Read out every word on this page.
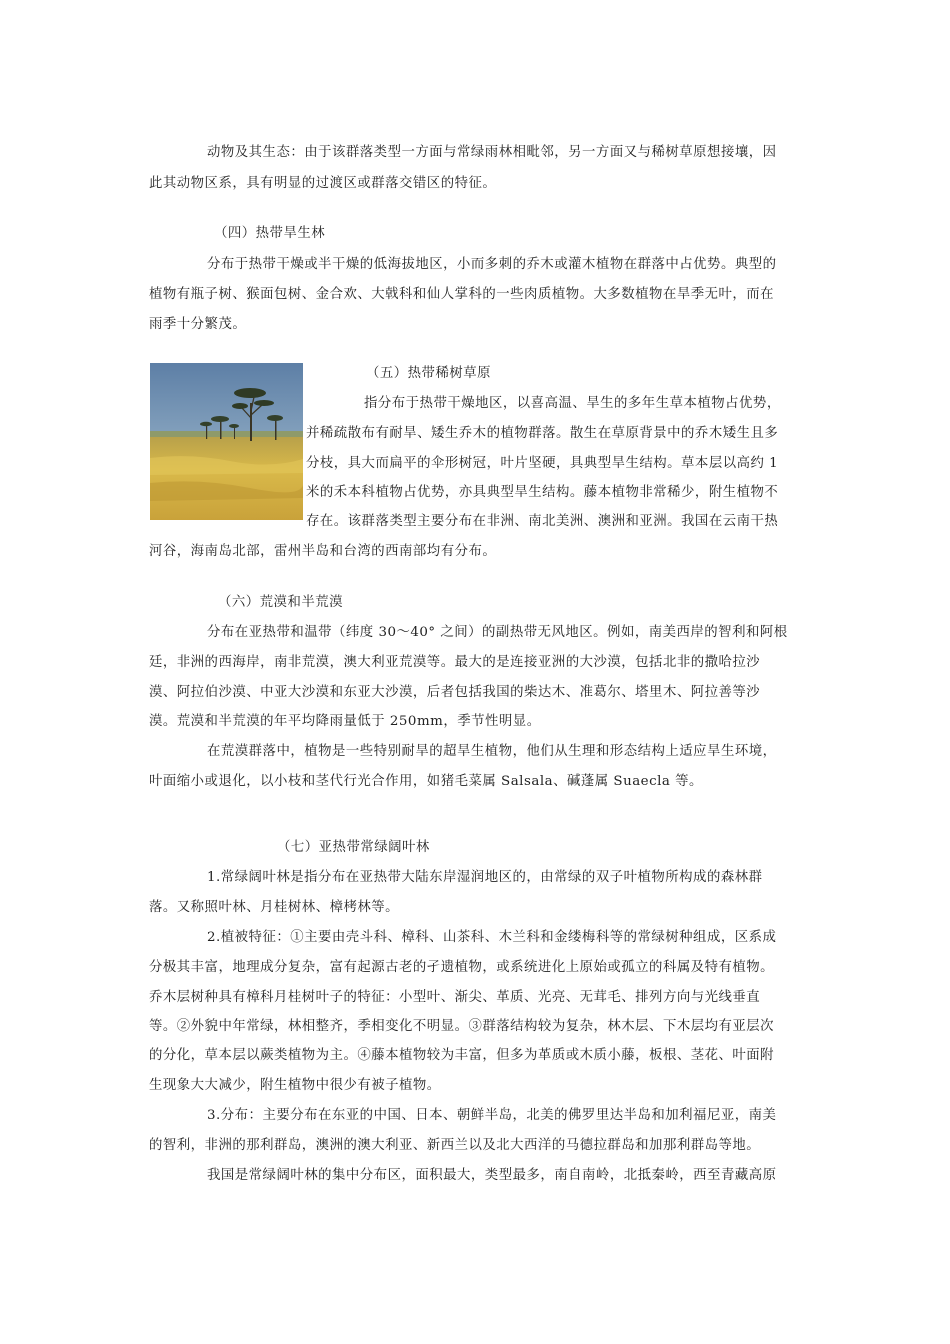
动物及其生态：由于该群落类型一方面与常绿雨林相毗邻，另一方面又与稀树草原想接壤，因
此其动物区系，具有明显的过渡区或群落交错区的特征。
（四）热带旱生林
分布于热带干燥或半干燥的低海拔地区，小而多刺的乔木或灌木植物在群落中占优势。典型的
植物有瓶子树、猴面包树、金合欢、大戟科和仙人掌科的一些肉质植物。大多数植物在旱季无叶，而在
雨季十分繁茂。
（五）热带稀树草原
指分布于热带干燥地区，以喜高温、旱生的多年生草本植物占优势，
并稀疏散布有耐旱、矮生乔木的植物群落。散生在草原背景中的乔木矮生且多
分枝，具大而扁平的伞形树冠，叶片坚硬，具典型旱生结构。草本层以高约 1
米的禾本科植物占优势，亦具典型旱生结构。藤本植物非常稀少，附生植物不
存在。该群落类型主要分布在非洲、南北美洲、澳洲和亚洲。我国在云南干热
河谷，海南岛北部，雷州半岛和台湾的西南部均有分布。
（六）荒漠和半荒漠
分布在亚热带和温带（纬度 30～40° 之间）的副热带无风地区。例如，南美西岸的智利和阿根
廷，非洲的西海岸，南非荒漠，澳大利亚荒漠等。最大的是连接亚洲的大沙漠，包括北非的撒哈拉沙
漠、阿拉伯沙漠、中亚大沙漠和东亚大沙漠，后者包括我国的柴达木、准葛尔、塔里木、阿拉善等沙
漠。荒漠和半荒漠的年平均降雨量低于 250mm，季节性明显。
在荒漠群落中，植物是一些特别耐旱的超旱生植物，他们从生理和形态结构上适应旱生环境，
叶面缩小或退化，以小枝和茎代行光合作用，如猪毛菜属 Salsala、碱蓬属 Suaecla 等。
（七）亚热带常绿阔叶林
1.常绿阔叶林是指分布在亚热带大陆东岸湿润地区的，由常绿的双子叶植物所构成的森林群
落。又称照叶林、月桂树林、樟栲林等。
2.植被特征：①主要由壳斗科、樟科、山茶科、木兰科和金缕梅科等的常绿树种组成，区系成
分极其丰富，地理成分复杂，富有起源古老的孑遗植物，或系统进化上原始或孤立的科属及特有植物。
乔木层树种具有樟科月桂树叶子的特征：小型叶、渐尖、革质、光亮、无茸毛、排列方向与光线垂直
等。②外貌中年常绿，林相整齐，季相变化不明显。③群落结构较为复杂，林木层、下木层均有亚层次
的分化，草本层以蕨类植物为主。④藤本植物较为丰富，但多为革质或木质小藤，板根、茎花、叶面附
生现象大大减少，附生植物中很少有被子植物。
3.分布：主要分布在东亚的中国、日本、朝鲜半岛，北美的佛罗里达半岛和加利福尼亚，南美
的智利，非洲的那利群岛，澳洲的澳大利亚、新西兰以及北大西洋的马德拉群岛和加那利群岛等地。
我国是常绿阔叶林的集中分布区，面积最大，类型最多，南自南岭，北抵秦岭，西至青藏高原
